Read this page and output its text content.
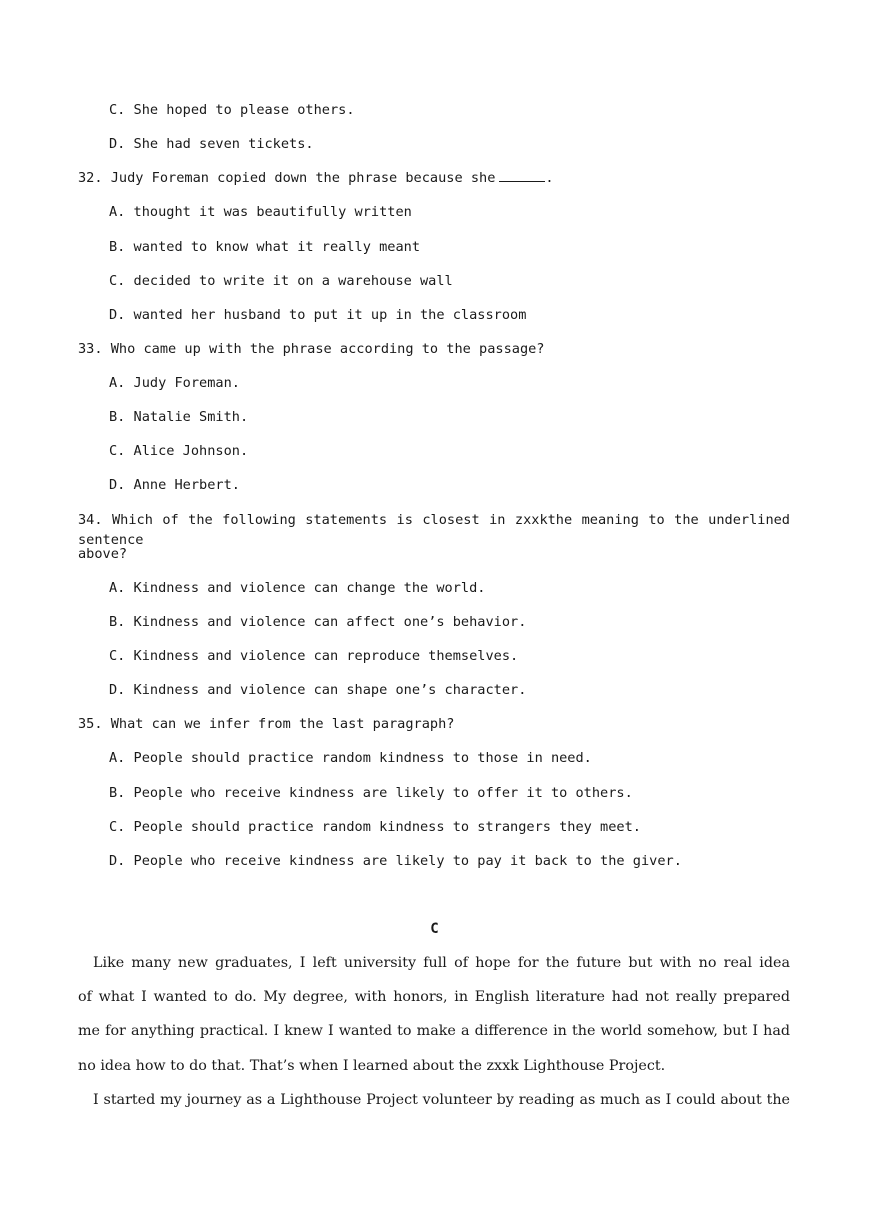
C. She hoped to please others.
D. She had seven tickets.
32. Judy Foreman copied down the phrase because she	.
A. thought it was beautifully written
B. wanted to know what it really meant
C. decided to write it on a warehouse wall
D. wanted her husband to put it up in the classroom
33. Who came up with the phrase according to the passage?
A. Judy Foreman.
B. Natalie Smith.
C. Alice Johnson.
D. Anne Herbert.
34. Which of the following statements is closest in zxxkthe meaning to the underlined sentence
above?
A. Kindness and violence can change the world.
B. Kindness and violence can affect one’s behavior.
C. Kindness and violence can reproduce themselves.
D. Kindness and violence can shape one’s character.
35. What can we infer from the last paragraph?
A. People should practice random kindness to those in need.
B. People who receive kindness are likely to offer it to others.
C. People should practice random kindness to strangers they meet.
D. People who receive kindness are likely to pay it back to the giver.
C
Like many new graduates, I left university full of hope for the future but with no real idea
of what I wanted to do. My degree, with honors, in English literature had not really prepared
me for anything practical. I knew I wanted to make a difference in the world somehow, but I had
no idea how to do that. That’s when I learned about the zxxk Lighthouse Project.
I started my journey as a Lighthouse Project volunteer by reading as much as I could about the
